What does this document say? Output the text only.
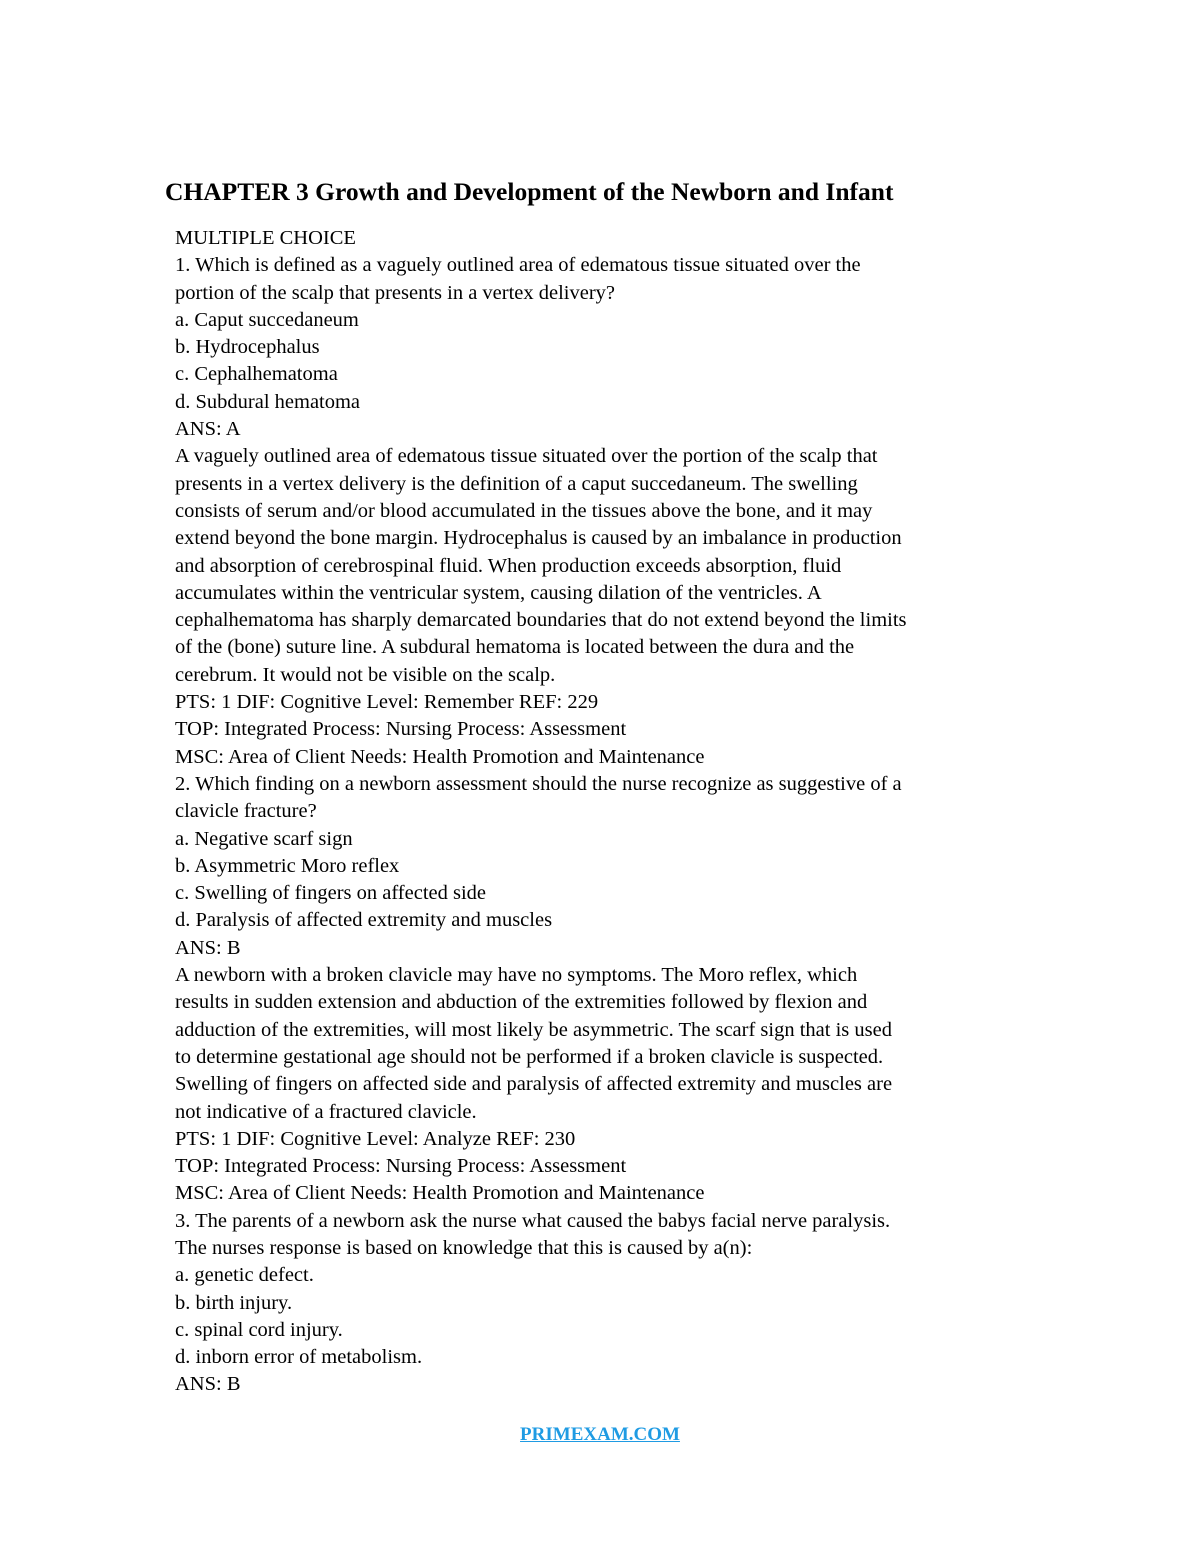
CHAPTER 3 Growth and Development of the Newborn and Infant
MULTIPLE CHOICE
1. Which is defined as a vaguely outlined area of edematous tissue situated over the
portion of the scalp that presents in a vertex delivery?
a. Caput succedaneum
b. Hydrocephalus
c. Cephalhematoma
d. Subdural hematoma
ANS: A
A vaguely outlined area of edematous tissue situated over the portion of the scalp that
presents in a vertex delivery is the definition of a caput succedaneum. The swelling
consists of serum and/or blood accumulated in the tissues above the bone, and it may
extend beyond the bone margin. Hydrocephalus is caused by an imbalance in production
and absorption of cerebrospinal fluid. When production exceeds absorption, fluid
accumulates within the ventricular system, causing dilation of the ventricles. A
cephalhematoma has sharply demarcated boundaries that do not extend beyond the limits
of the (bone) suture line. A subdural hematoma is located between the dura and the
cerebrum. It would not be visible on the scalp.
PTS: 1 DIF: Cognitive Level: Remember REF: 229
TOP: Integrated Process: Nursing Process: Assessment
MSC: Area of Client Needs: Health Promotion and Maintenance
2. Which finding on a newborn assessment should the nurse recognize as suggestive of a
clavicle fracture?
a. Negative scarf sign
b. Asymmetric Moro reflex
c. Swelling of fingers on affected side
d. Paralysis of affected extremity and muscles
ANS: B
A newborn with a broken clavicle may have no symptoms. The Moro reflex, which
results in sudden extension and abduction of the extremities followed by flexion and
adduction of the extremities, will most likely be asymmetric. The scarf sign that is used
to determine gestational age should not be performed if a broken clavicle is suspected.
Swelling of fingers on affected side and paralysis of affected extremity and muscles are
not indicative of a fractured clavicle.
PTS: 1 DIF: Cognitive Level: Analyze REF: 230
TOP: Integrated Process: Nursing Process: Assessment
MSC: Area of Client Needs: Health Promotion and Maintenance
3. The parents of a newborn ask the nurse what caused the babys facial nerve paralysis.
The nurses response is based on knowledge that this is caused by a(n):
a. genetic defect.
b. birth injury.
c. spinal cord injury.
d. inborn error of metabolism.
ANS: B
PRIMEXAM.COM
